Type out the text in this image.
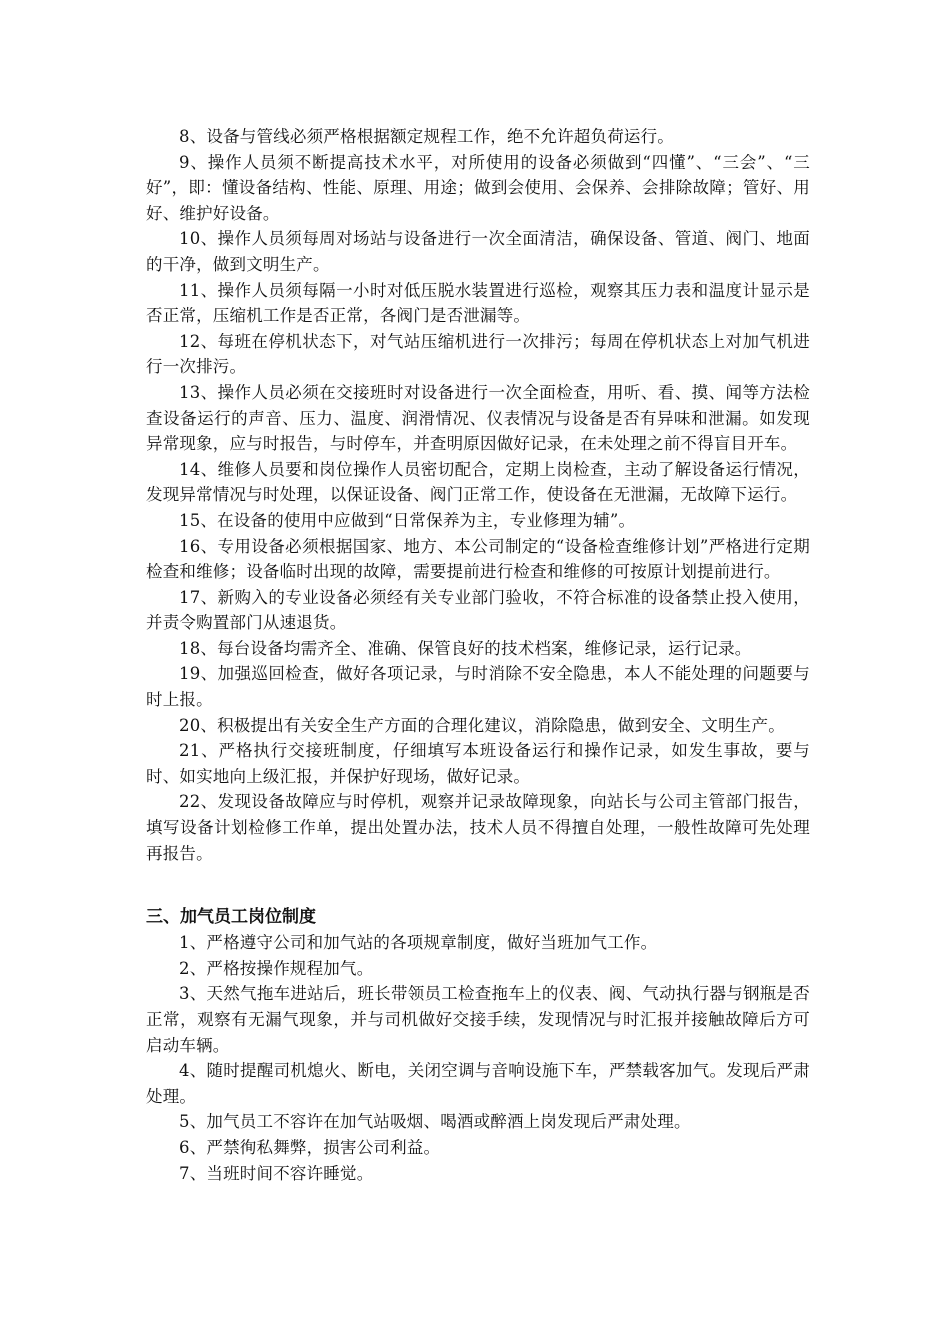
8、设备与管线必须严格根据额定规程工作，绝不允许超负荷运行。

9、操作人员须不断提高技术水平，对所使用的设备必须做到“四懂”、“三会”、“三好”，即：懂设备结构、性能、原理、用途；做到会使用、会保养、会排除故障；管好、用好、维护好设备。

10、操作人员须每周对场站与设备进行一次全面清洁，确保设备、管道、阀门、地面的干净，做到文明生产。

11、操作人员须每隔一小时对低压脱水装置进行巡检，观察其压力表和温度计显示是否正常，压缩机工作是否正常，各阀门是否泄漏等。

12、每班在停机状态下，对气站压缩机进行一次排污；每周在停机状态上对加气机进行一次排污。

13、操作人员必须在交接班时对设备进行一次全面检查，用听、看、摸、闻等方法检查设备运行的声音、压力、温度、润滑情况、仪表情况与设备是否有异味和泄漏。如发现异常现象，应与时报告，与时停车，并查明原因做好记录，在未处理之前不得盲目开车。

14、维修人员要和岗位操作人员密切配合，定期上岗检查，主动了解设备运行情况，发现异常情况与时处理，以保证设备、阀门正常工作，使设备在无泄漏，无故障下运行。

15、在设备的使用中应做到“日常保养为主，专业修理为辅”。

16、专用设备必须根据国家、地方、本公司制定的“设备检查维修计划”严格进行定期检查和维修；设备临时出现的故障，需要提前进行检查和维修的可按原计划提前进行。

17、新购入的专业设备必须经有关专业部门验收，不符合标准的设备禁止投入使用，并责令购置部门从速退货。

18、每台设备均需齐全、准确、保管良好的技术档案，维修记录，运行记录。

19、加强巡回检查，做好各项记录，与时消除不安全隐患，本人不能处理的问题要与时上报。

20、积极提出有关安全生产方面的合理化建议，消除隐患，做到安全、文明生产。

21、严格执行交接班制度，仔细填写本班设备运行和操作记录，如发生事故，要与时、如实地向上级汇报，并保护好现场，做好记录。

22、发现设备故障应与时停机，观察并记录故障现象，向站长与公司主管部门报告，填写设备计划检修工作单，提出处置办法，技术人员不得擅自处理，一般性故障可先处理再报告。

三、加气员工岗位制度

1、严格遵守公司和加气站的各项规章制度，做好当班加气工作。

2、严格按操作规程加气。

3、天然气拖车进站后，班长带领员工检查拖车上的仪表、阀、气动执行器与钢瓶是否正常，观察有无漏气现象，并与司机做好交接手续，发现情况与时汇报并接触故障后方可启动车辆。

4、随时提醒司机熄火、断电，关闭空调与音响设施下车，严禁载客加气。发现后严肃处理。

5、加气员工不容许在加气站吸烟、喝酒或醉酒上岗发现后严肃处理。

6、严禁徇私舞弊，损害公司利益。

7、当班时间不容许睡觉。
